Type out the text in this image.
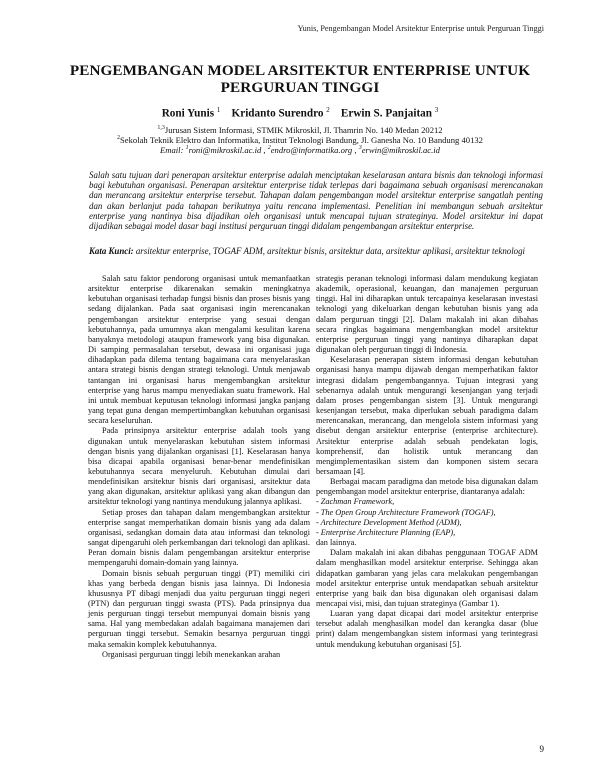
Yunis, Pengembangan Model Arsitektur Enterprise untuk Perguruan Tinggi
PENGEMBANGAN MODEL ARSITEKTUR ENTERPRISE UNTUK
PERGURUAN TINGGI
Roni Yunis $^1$ Kridanto Surendro $^2$ Erwin S. Panjaitan $^3$
$^{1,3}$Jurusan Sistem Informasi, STMIK Mikroskil, Jl. Thamrin No. 140 Medan 20212
$^2$Sekolah Teknik Elektro dan Informatika, Institut Teknologi Bandung, Jl. Ganesha No. 10 Bandung 40132
Email: $^1$roni@mikroskil.ac.id , $^2$endro@informatika.org , $^3$erwin@mikroskil.ac.id
Salah satu tujuan dari penerapan arsitektur enterprise adalah menciptakan keselarasan antara bisnis dan teknologi informasi bagi kebutuhan organisasi. Penerapan arsitektur enterprise tidak terlepas dari bagaimana sebuah organisasi merencanakan dan merancang arsitektur enterprise tersebut. Tahapan dalam pengembangan model arsitektur enterprise sangatlah penting dan akan berlanjut pada tahapan berikutnya yaitu rencana implementasi. Penelitian ini membangun sebuah arsitektur enterprise yang nantinya bisa dijadikan oleh organisasi untuk mencapai tujuan strateginya. Model arsitektur ini dapat dijadikan sebagai model dasar bagi institusi perguruan tinggi didalam pengembangan arsitektur enterprise.
Kata Kunci: arsitektur enterprise, TOGAF ADM, arsitektur bisnis, arsitektur data, arsitektur aplikasi, arsitektur teknologi

Salah satu faktor pendorong organisasi untuk memanfaatkan arsitektur enterprise dikarenakan semakin meningkatnya kebutuhan organisasi terhadap fungsi bisnis dan proses bisnis yang sedang dijalankan. Pada saat organisasi ingin merencanakan pengembangan arsitektur enterprise yang sesuai dengan kebutuhannya, pada umumnya akan mengalami kesulitan karena banyaknya metodologi ataupun framework yang bisa digunakan. Di samping permasalahan tersebut, dewasa ini organisasi juga dihadapkan pada dilema tentang bagaimana cara menyelaraskan antara strategi bisnis dengan strategi teknologi. Untuk menjawab tantangan ini organisasi harus mengembangkan arsitektur enterprise yang harus mampu menyediakan suatu framework. Hal ini untuk membuat keputusan teknologi informasi jangka panjang yang tepat guna dengan mempertimbangkan kebutuhan organisasi secara keseluruhan.

Pada prinsipnya arsitektur enterprise adalah tools yang digunakan untuk menyelaraskan kebutuhan sistem informasi dengan bisnis yang dijalankan organisasi [1]. Keselarasan hanya bisa dicapai apabila organisasi benar-benar mendefinisikan kebutuhannya secara menyeluruh. Kebutuhan dimulai dari mendefinisikan arsitektur bisnis dari organisasi, arsitektur data yang akan digunakan, arsitektur aplikasi yang akan dibangun dan arsitektur teknologi yang nantinya mendukung jalannya aplikasi.

Setiap proses dan tahapan dalam mengembangkan arsitektur enterprise sangat memperhatikan domain bisnis yang ada dalam organisasi, sedangkan domain data atau informasi dan teknologi sangat dipengaruhi oleh perkembangan dari teknologi dan aplikasi. Peran domain bisnis dalam pengembangan arsitektur enterprise mempengaruhi domain-domain yang lainnya.

Domain bisnis sebuah perguruan tinggi (PT) memiliki ciri khas yang berbeda dengan bisnis jasa lainnya. Di Indonesia khususnya PT dibagi menjadi dua yaitu perguruan tinggi negeri (PTN) dan perguruan tinggi swasta (PTS). Pada prinsipnya dua jenis perguruan tinggi tersebut mempunyai domain bisnis yang sama. Hal yang membedakan adalah bagaimana manajemen dari perguruan tinggi tersebut. Semakin besarnya perguruan tinggi maka semakin komplek kebutuhannya.

Organisasi perguruan tinggi lebih menekankan arahan

strategis peranan teknologi informasi dalam mendukung kegiatan akademik, operasional, keuangan, dan manajemen perguruan tinggi. Hal ini diharapkan untuk tercapainya keselarasan investasi teknologi yang dikeluarkan dengan kebutuhan bisnis yang ada dalam perguruan tinggi [2]. Dalam makalah ini akan dibahas secara ringkas bagaimana mengembangkan model arsitektur enterprise perguruan tinggi yang nantinya diharapkan dapat digunakan oleh perguruan tinggi di Indonesia.

Keselarasan penerapan sistem informasi dengan kebutuhan organisasi hanya mampu dijawab dengan memperhatikan faktor integrasi didalam pengembangannya. Tujuan integrasi yang sebenarnya adalah untuk mengurangi kesenjangan yang terjadi dalam proses pengembangan sistem [3]. Untuk mengurangi kesenjangan tersebut, maka diperlukan sebuah paradigma dalam merencanakan, merancang, dan mengelola sistem informasi yang disebut dengan arsitektur enterprise (enterprise architecture). Arsitektur enterprise adalah sebuah pendekatan logis, komprehensif, dan holistik untuk merancang dan mengimplementasikan sistem dan komponen sistem secara bersamaan [4].

Berbagai macam paradigma dan metode bisa digunakan dalam pengembangan model arsitektur enterprise, diantaranya adalah:

- Zachman Framework,
- The Open Group Architecture Framework (TOGAF),
- Architecture Development Method (ADM),
- Enterprise Architecture Planning (EAP),
dan lainnya.

Dalam makalah ini akan dibahas penggunaan TOGAF ADM dalam menghasilkan model arsitektur enterprise. Sehingga akan didapatkan gambaran yang jelas cara melakukan pengembangan model arsitektur enterprise untuk mendapatkan sebuah arsitektur enterprise yang baik dan bisa digunakan oleh organisasi dalam mencapai visi, misi, dan tujuan strateginya (Gambar 1).

Luaran yang dapat dicapai dari model arsitektur enterprise tersebut adalah menghasilkan model dan kerangka dasar (blue print) dalam mengembangkan sistem informasi yang terintegrasi untuk mendukung kebutuhan organisasi [5].

9
